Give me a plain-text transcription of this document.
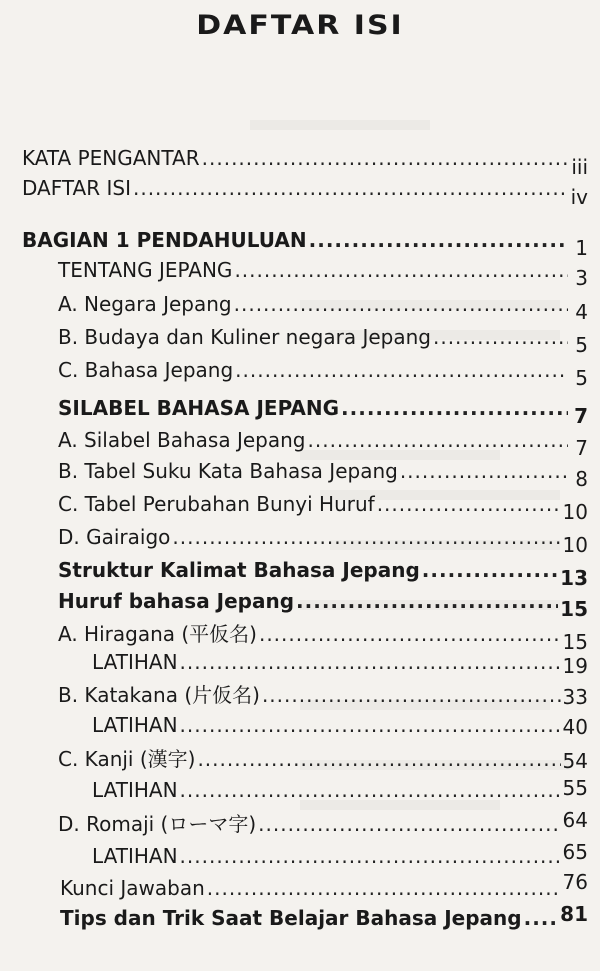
DAFTAR ISI
KATA PENGANTAR .....	iii
DAFTAR ISI .....	iv
BAGIAN 1 PENDAHULUAN .....	1
TENTANG JEPANG .....	3
A. Negara Jepang .....	4
B. Budaya dan Kuliner negara Jepang .....	5
C. Bahasa Jepang .....	5
SILABEL BAHASA JEPANG .....	7
A. Silabel Bahasa Jepang .....	7
B. Tabel Suku Kata Bahasa Jepang .....	8
C. Tabel Perubahan Bunyi Huruf .....	10
D. Gairaigo .....	10
Struktur Kalimat Bahasa Jepang .....	13
Huruf bahasa Jepang .....	15
A. Hiragana (平仮名) .....	15
LATIHAN .....	19
B. Katakana (片仮名) .....	33
LATIHAN .....	40
C. Kanji (漢字) .....	54
LATIHAN .....	55
D. Romaji (ローマ字) .....	64
LATIHAN .....	65
Kunci Jawaban .....	76
Tips dan Trik Saat Belajar Bahasa Jepang ..... 81
